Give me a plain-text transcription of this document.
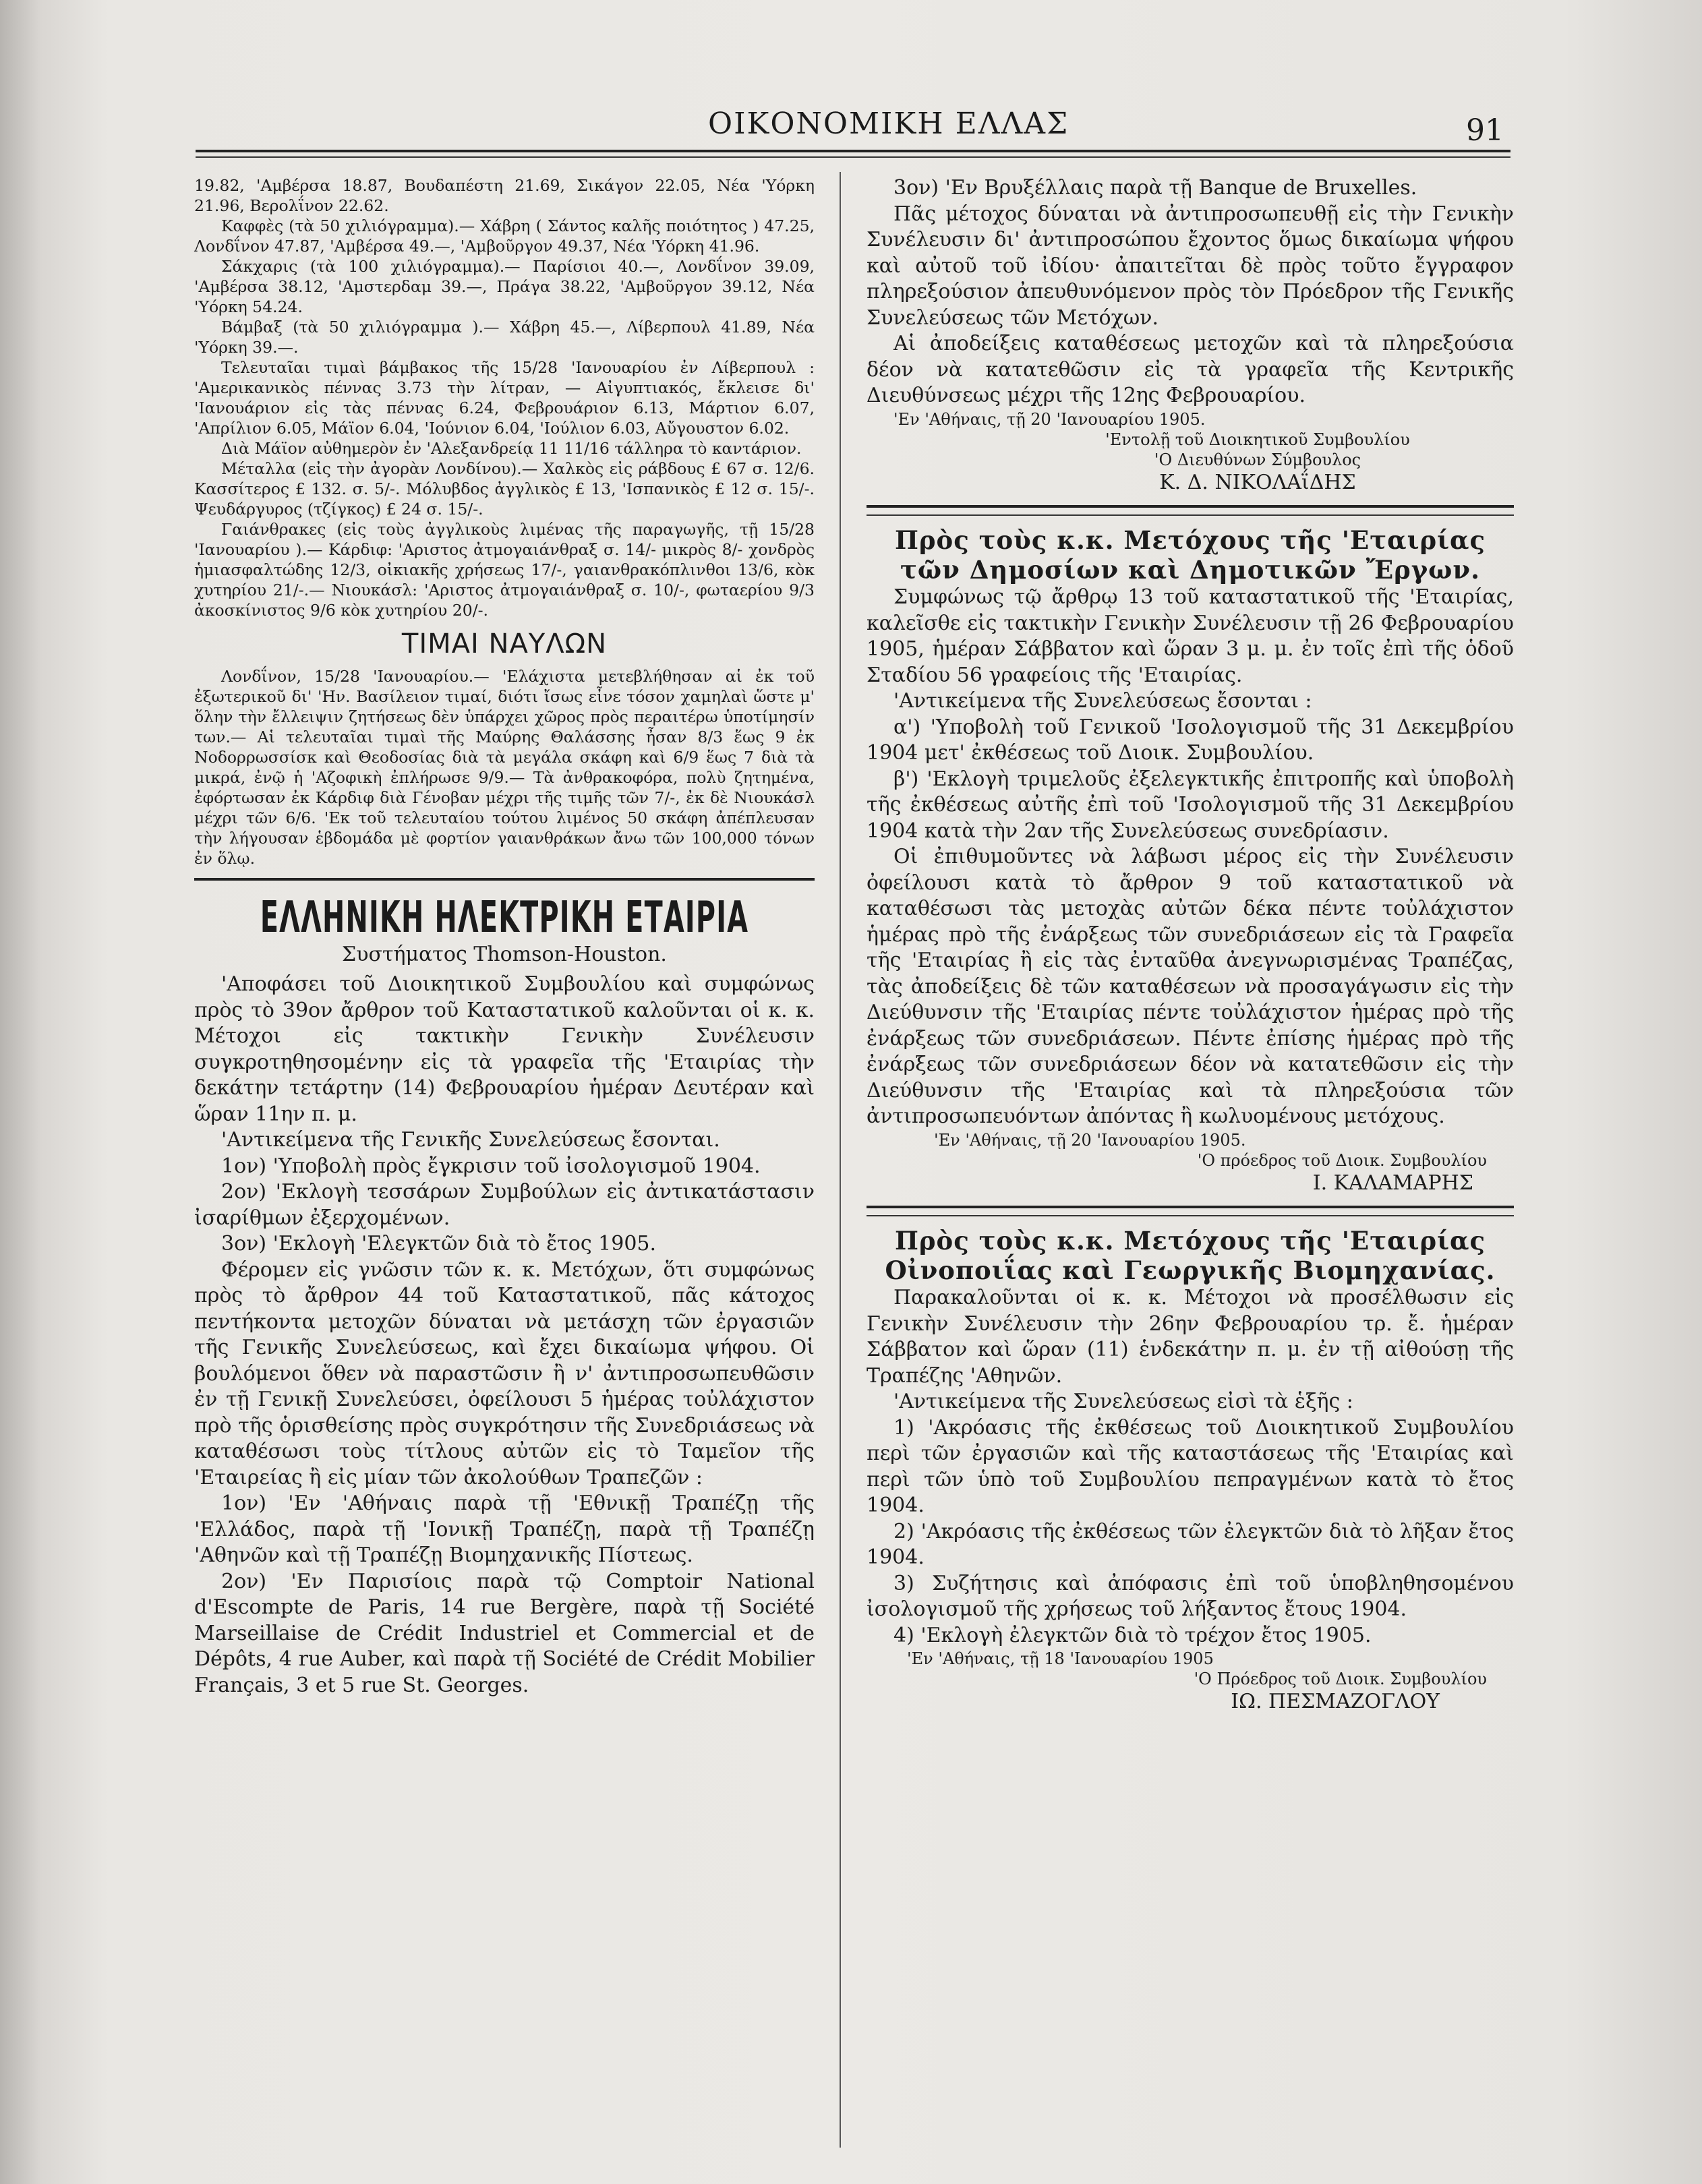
ΟΙΚΟΝΟΜΙΚΗ ΕΛΛΑΣ	91

19.82, 'Αμβέρσα 18.87, Βουδαπέστη 21.69, Σικάγον 22.05, Νέα 'Υόρκη 21.96, Βερολΐνον 22.62.

Καφφὲς (τὰ 50 χιλιόγραμμα).— Χάβρη ( Σάντος καλῆς ποιότητος ) 47.25, Λονδΐνον 47.87, 'Αμβέρσα 49.—, 'Αμβοῦργον 49.37, Νέα 'Υόρκη 41.96.

Σάκχαρις (τὰ 100 χιλιόγραμμα).— Παρίσιοι 40.—, Λονδΐνον 39.09, 'Αμβέρσα 38.12, 'Αμστερδαμ 39.—, Πράγα 38.22, 'Αμβοῦργον 39.12, Νέα 'Υόρκη 54.24.

Βάμβαξ (τὰ 50 χιλιόγραμμα ).— Χάβρη 45.—, Λίβερπουλ 41.89, Νέα 'Υόρκη 39.—.

Τελευταῖαι τιμαὶ βάμβακος τῆς 15/28 'Ιανουαρίου ἐν Λίβερπουλ : 'Αμερικανικὸς πέννας 3.73 τὴν λίτραν, — Αἰγυπτιακός, ἔκλεισε δι' 'Ιανουάριον εἰς τὰς πέννας 6.24, Φεβρουάριον 6.13, Μάρτιον 6.07, 'Απρίλιον 6.05, Μάϊον 6.04, 'Ιούνιον 6.04, 'Ιούλιον 6.03, Αὔγουστον 6.02.

Διὰ Μάϊον αὐθημερὸν ἐν 'Αλεξανδρείᾳ 11 11/16 τάλληρα τὸ καντάριον.

Μέταλλα (εἰς τὴν ἀγορὰν Λονδίνου).— Χαλκὸς εἰς ράβδους £ 67 σ. 12/6. Κασσίτερος £ 132. σ. 5/-. Μόλυβδος ἀγγλικὸς £ 13, 'Ισπανικὸς £ 12 σ. 15/-. Ψευδάργυρος (τζίγκος) £ 24 σ. 15/-.

Γαιάνθρακες (εἰς τοὺς ἀγγλικοὺς λιμένας τῆς παραγωγῆς, τῇ 15/28 'Ιανουαρίου ).— Κάρδιφ: 'Αριστος ἀτμογαιάνθραξ σ. 14/- μικρὸς 8/- χονδρὸς ἡμιασφαλτώδης 12/3, οἰκιακῆς χρήσεως 17/-, γαιανθρακόπλινθοι 13/6, κὸκ χυτηρίου 21/-.— Νιουκάσλ: 'Αριστος ἀτμογαιάνθραξ σ. 10/-, φωταερίου 9/3 ἀκοσκίνιστος 9/6 κὸκ χυτηρίου 20/-.

ΤΙΜΑΙ ΝΑΥΛΩΝ

Λονδΐνον, 15/28 'Ιανουαρίου.— 'Ελάχιστα μετεβλήθησαν αἱ ἐκ τοῦ ἐξωτερικοῦ δι' 'Ην. Βασίλειον τιμαί, διότι ἴσως εἶνε τόσον χαμηλαὶ ὥστε μ' ὅλην τὴν ἔλλειψιν ζητήσεως δὲν ὑπάρχει χῶρος πρὸς περαιτέρω ὑποτίμησίν των.— Αἱ τελευταῖαι τιμαὶ τῆς Μαύρης Θαλάσσης ἦσαν 8/3 ἕως 9 ἐκ Νοδορρωσσίσκ καὶ Θεοδοσίας διὰ τὰ μεγάλα σκάφη καὶ 6/9 ἕως 7 διὰ τὰ μικρά, ἐνῷ ἡ 'Αζοφικὴ ἐπλήρωσε 9/9.— Τὰ ἀνθρακοφόρα, πολὺ ζητημένα, ἐφόρτωσαν ἐκ Κάρδιφ διὰ Γένοβαν μέχρι τῆς τιμῆς τῶν 7/-, ἐκ δὲ Νιουκάσλ μέχρι τῶν 6/6. 'Εκ τοῦ τελευταίου τούτου λιμένος 50 σκάφη ἀπέπλευσαν τὴν λήγουσαν ἑβδομάδα μὲ φορτίον γαιανθράκων ἄνω τῶν 100,000 τόνων ἐν ὅλῳ.

ΕΛΛΗΝΙΚΗ ΗΛΕΚΤΡΙΚΗ ΕΤΑΙΡΙΑ
Συστήματος Thomson-Houston.

'Αποφάσει τοῦ Διοικητικοῦ Συμβουλίου καὶ συμφώνως πρὸς τὸ 39ον ἄρθρον τοῦ Καταστατικοῦ καλοῦνται οἱ κ. κ. Μέτοχοι εἰς τακτικὴν Γενικὴν Συνέλευσιν συγκροτηθησομένην εἰς τὰ γραφεῖα τῆς 'Εταιρίας τὴν δεκάτην τετάρτην (14) Φεβρουαρίου ἡμέραν Δευτέραν καὶ ὥραν 11ην π. μ.

'Αντικείμενα τῆς Γενικῆς Συνελεύσεως ἔσονται.

1ον) 'Υποβολὴ πρὸς ἔγκρισιν τοῦ ἰσολογισμοῦ 1904.

2ον) 'Εκλογὴ τεσσάρων Συμβούλων εἰς ἀντικατάστασιν ἰσαρίθμων ἐξερχομένων.

3ον) 'Εκλογὴ 'Ελεγκτῶν διὰ τὸ ἔτος 1905.

Φέρομεν εἰς γνῶσιν τῶν κ. κ. Μετόχων, ὅτι συμφώνως πρὸς τὸ ἄρθρον 44 τοῦ Καταστατικοῦ, πᾶς κάτοχος πεντήκοντα μετοχῶν δύναται νὰ μετάσχη τῶν ἐργασιῶν τῆς Γενικῆς Συνελεύσεως, καὶ ἔχει δικαίωμα ψήφου. Οἱ βουλόμενοι ὅθεν νὰ παραστῶσιν ἢ ν' ἀντιπροσωπευθῶσιν ἐν τῇ Γενικῇ Συνελεύσει, ὀφείλουσι 5 ἡμέρας τοὐλάχιστον πρὸ τῆς ὁρισθείσης πρὸς συγκρότησιν τῆς Συνεδριάσεως νὰ καταθέσωσι τοὺς τίτλους αὐτῶν εἰς τὸ Ταμεῖον τῆς 'Εταιρείας ἢ εἰς μίαν τῶν ἀκολούθων Τραπεζῶν :

1ον) 'Εν 'Αθήναις παρὰ τῇ 'Εθνικῇ Τραπέζῃ τῆς 'Ελλάδος, παρὰ τῇ 'Ιονικῇ Τραπέζῃ, παρὰ τῇ Τραπέζῃ 'Αθηνῶν καὶ τῇ Τραπέζῃ Βιομηχανικῆς Πίστεως.

2ον) 'Εν Παρισίοις παρὰ τῷ Comptoir National d'Escompte de Paris, 14 rue Bergère, παρὰ τῇ Société Marseillaise de Crédit Industriel et Commercial et de Dépôts, 4 rue Auber, καὶ παρὰ τῇ Société de Crédit Mobilier Français, 3 et 5 rue St. Georges.

3ον) 'Εν Βρυξέλλαις παρὰ τῇ Banque de Bruxelles.

Πᾶς μέτοχος δύναται νὰ ἀντιπροσωπευθῇ εἰς τὴν Γενικὴν Συνέλευσιν δι' ἀντιπροσώπου ἔχοντος ὅμως δικαίωμα ψήφου καὶ αὐτοῦ τοῦ ἰδίου· ἀπαιτεῖται δὲ πρὸς τοῦτο ἔγγραφον πληρεξούσιον ἀπευθυνόμενον πρὸς τὸν Πρόεδρον τῆς Γενικῆς Συνελεύσεως τῶν Μετόχων.

Αἱ ἀποδείξεις καταθέσεως μετοχῶν καὶ τὰ πληρεξούσια δέον νὰ κατατεθῶσιν εἰς τὰ γραφεῖα τῆς Κεντρικῆς Διευθύνσεως μέχρι τῆς 12ης Φεβρουαρίου.

'Εν 'Αθήναις, τῇ 20 'Ιανουαρίου 1905.

'Εντολῇ τοῦ Διοικητικοῦ Συμβουλίου

'Ο Διευθύνων Σύμβουλος

Κ. Δ. ΝΙΚΟΛΑΐΔΗΣ

Πρὸς τοὺς κ.κ. Μετόχους τῆς 'Εταιρίας
τῶν Δημοσίων καὶ Δημοτικῶν Ἔργων.

Συμφώνως τῷ ἄρθρῳ 13 τοῦ καταστατικοῦ τῆς 'Εταιρίας, καλεῖσθε εἰς τακτικὴν Γενικὴν Συνέλευσιν τῇ 26 Φεβρουαρίου 1905, ἡμέραν Σάββατον καὶ ὥραν 3 μ. μ. ἐν τοῖς ἐπὶ τῆς ὁδοῦ Σταδίου 56 γραφείοις τῆς 'Εταιρίας.

'Αντικείμενα τῆς Συνελεύσεως ἔσονται :

α') 'Υποβολὴ τοῦ Γενικοῦ 'Ισολογισμοῦ τῆς 31 Δεκεμβρίου 1904 μετ' ἐκθέσεως τοῦ Διοικ. Συμβουλίου.

β') 'Εκλογὴ τριμελοῦς ἐξελεγκτικῆς ἐπιτροπῆς καὶ ὑποβολὴ τῆς ἐκθέσεως αὐτῆς ἐπὶ τοῦ 'Ισολογισμοῦ τῆς 31 Δεκεμβρίου 1904 κατὰ τὴν 2αν τῆς Συνελεύσεως συνεδρίασιν.

Οἱ ἐπιθυμοῦντες νὰ λάβωσι μέρος εἰς τὴν Συνέλευσιν ὀφείλουσι κατὰ τὸ ἄρθρον 9 τοῦ καταστατικοῦ νὰ καταθέσωσι τὰς μετοχὰς αὐτῶν δέκα πέντε τοὐλάχιστον ἡμέρας πρὸ τῆς ἐνάρξεως τῶν συνεδριάσεων εἰς τὰ Γραφεῖα τῆς 'Εταιρίας ἢ εἰς τὰς ἐνταῦθα ἀνεγνωρισμένας Τραπέζας, τὰς ἀποδείξεις δὲ τῶν καταθέσεων νὰ προσαγάγωσιν εἰς τὴν Διεύθυνσιν τῆς 'Εταιρίας πέντε τοὐλάχιστον ἡμέρας πρὸ τῆς ἐνάρξεως τῶν συνεδριάσεων. Πέντε ἐπίσης ἡμέρας πρὸ τῆς ἐνάρξεως τῶν συνεδριάσεων δέον νὰ κατατεθῶσιν εἰς τὴν Διεύθυνσιν τῆς 'Εταιρίας καὶ τὰ πληρεξούσια τῶν ἀντιπροσωπευόντων ἀπόντας ἢ κωλυομένους μετόχους.

'Εν 'Αθήναις, τῇ 20 'Ιανουαρίου 1905.

'Ο πρόεδρος τοῦ Διοικ. Συμβουλίου

Ι. ΚΑΛΑΜΑΡΗΣ

Πρὸς τοὺς κ.κ. Μετόχους τῆς 'Εταιρίας
Οἰνοποιΐας καὶ Γεωργικῆς Βιομηχανίας.

Παρακαλοῦνται οἱ κ. κ. Μέτοχοι νὰ προσέλθωσιν εἰς Γενικὴν Συνέλευσιν τὴν 26ην Φεβρουαρίου τρ. ἔ. ἡμέραν Σάββατον καὶ ὥραν (11) ἑνδεκάτην π. μ. ἐν τῇ αἰθούσῃ τῆς Τραπέζης 'Αθηνῶν.

'Αντικείμενα τῆς Συνελεύσεως εἰσὶ τὰ ἑξῆς :

1) 'Ακρόασις τῆς ἐκθέσεως τοῦ Διοικητικοῦ Συμβουλίου περὶ τῶν ἐργασιῶν καὶ τῆς καταστάσεως τῆς 'Εταιρίας καὶ περὶ τῶν ὑπὸ τοῦ Συμβουλίου πεπραγμένων κατὰ τὸ ἔτος 1904.

2) 'Ακρόασις τῆς ἐκθέσεως τῶν ἐλεγκτῶν διὰ τὸ λῆξαν ἔτος 1904.

3) Συζήτησις καὶ ἀπόφασις ἐπὶ τοῦ ὑποβληθησομένου ἰσολογισμοῦ τῆς χρήσεως τοῦ λήξαντος ἔτους 1904.

4) 'Εκλογὴ ἐλεγκτῶν διὰ τὸ τρέχον ἔτος 1905.

'Εν 'Αθήναις, τῇ 18 'Ιανουαρίου 1905

'Ο Πρόεδρος τοῦ Διοικ. Συμβουλίου

ΙΩ. ΠΕΣΜΑΖΟΓΛΟΥ
